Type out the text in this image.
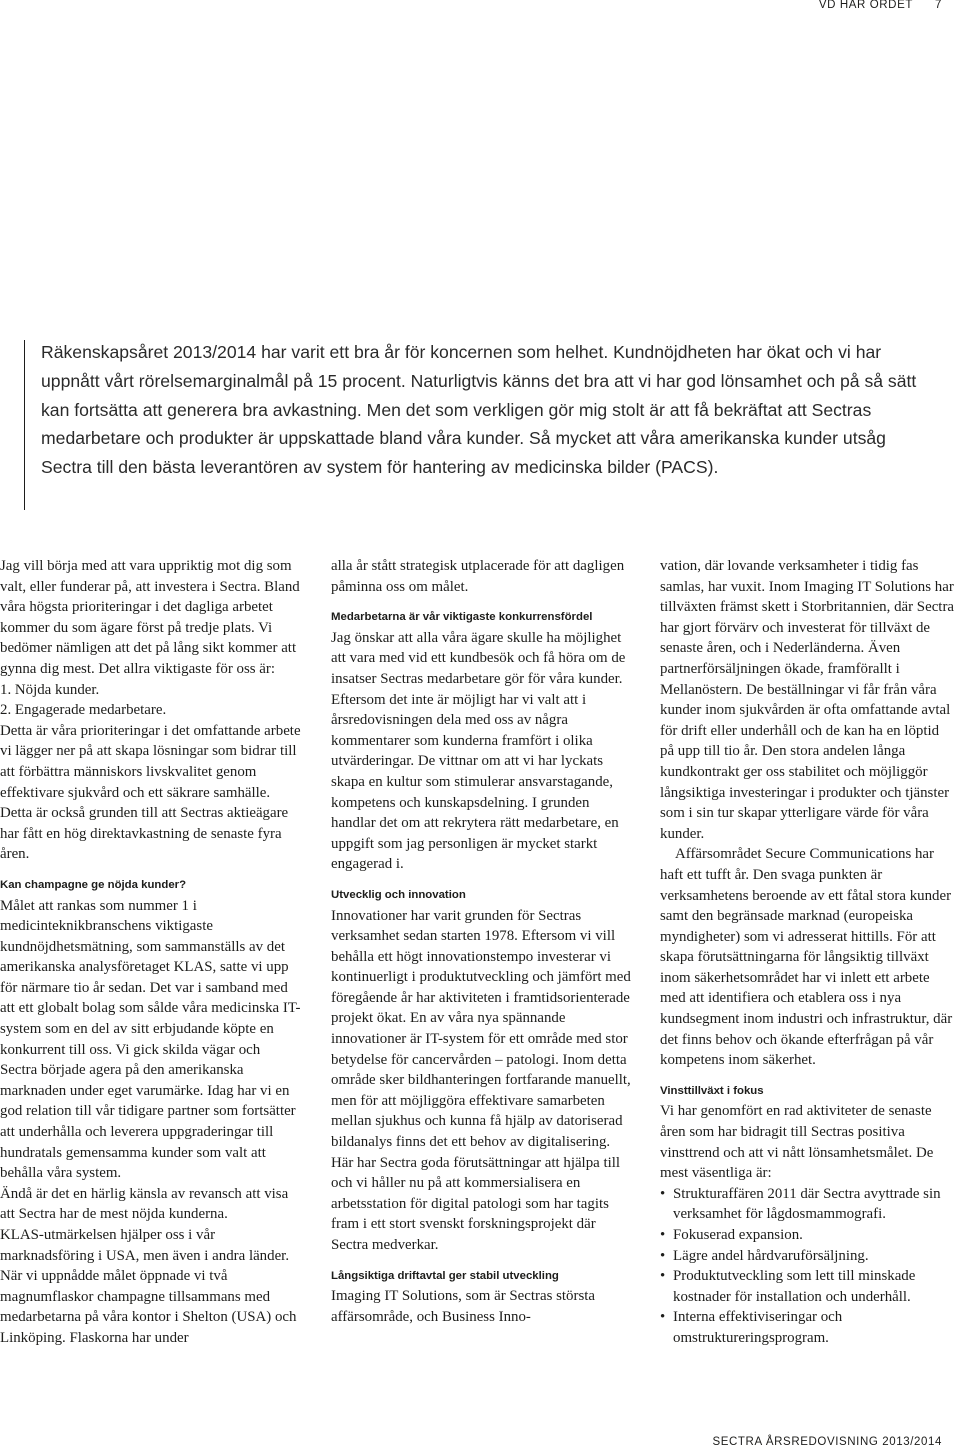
VD HAR ORDET 7

Räkenskapsåret 2013/2014 har varit ett bra år för koncernen som helhet. Kundnöjdheten har ökat och vi har uppnått vårt rörelsemarginalmål på 15 procent. Naturligtvis känns det bra att vi har god lönsamhet och på så sätt kan fortsätta att generera bra avkastning. Men det som verkligen gör mig stolt är att få bekräftat att Sectras medarbetare och produkter är uppskattade bland våra kunder. Så mycket att våra amerikanska kunder utsåg Sectra till den bästa leverantören av system för hantering av medicinska bilder (PACS).

Jag vill börja med att vara uppriktig mot dig som valt, eller funderar på, att investera i Sectra. Bland våra högsta prioriteringar i det dagliga arbetet kommer du som ägare först på tredje plats. Vi bedömer nämligen att det på lång sikt kommer att gynna dig mest. Det allra viktigaste för oss är:

1. Nöjda kunder.

2. Engagerade medarbetare.

Detta är våra prioriteringar i det omfattande arbete vi lägger ner på att skapa lösningar som bidrar till att förbättra människors livskvalitet genom effektivare sjukvård och ett säkrare samhälle. Detta är också grunden till att Sectras aktieägare har fått en hög direktavkastning de senaste fyra åren.

Kan champagne ge nöjda kunder?

Målet att rankas som nummer 1 i medicinteknikbranschens viktigaste kundnöjdhetsmätning, som sammanställs av det amerikanska analysföretaget KLAS, satte vi upp för närmare tio år sedan. Det var i samband med att ett globalt bolag som sålde våra medicinska IT-system som en del av sitt erbjudande köpte en konkurrent till oss. Vi gick skilda vägar och Sectra började agera på den amerikanska marknaden under eget varumärke. Idag har vi en god relation till vår tidigare partner som fortsätter att underhålla och leverera uppgraderingar till hundratals gemensamma kunder som valt att behålla våra system.

Ändå är det en härlig känsla av revansch att visa att Sectra har de mest nöjda kunderna.

KLAS-utmärkelsen hjälper oss i vår marknadsföring i USA, men även i andra länder.

När vi uppnådde målet öppnade vi två magnumflaskor champagne tillsammans med medarbetarna på våra kontor i Shelton (USA) och Linköping. Flaskorna har under

alla år stått strategisk utplacerade för att dagligen påminna oss om målet.

Medarbetarna är vår viktigaste konkurrensfördel

Jag önskar att alla våra ägare skulle ha möjlighet att vara med vid ett kundbesök och få höra om de insatser Sectras medarbetare gör för våra kunder. Eftersom det inte är möjligt har vi valt att i årsredovisningen dela med oss av några kommentarer som kunderna framfört i olika utvärderingar. De vittnar om att vi har lyckats skapa en kultur som stimulerar ansvarstagande, kompetens och kunskapsdelning. I grunden handlar det om att rekrytera rätt medarbetare, en uppgift som jag personligen är mycket starkt engagerad i.

Utvecklig och innovation

Innovationer har varit grunden för Sectras verksamhet sedan starten 1978. Eftersom vi vill behålla ett högt innovationstempo investerar vi kontinuerligt i produktutveckling och jämfört med föregående år har aktiviteten i framtidsorienterade projekt ökat. En av våra nya spännande innovationer är IT-system för ett område med stor betydelse för cancervården – patologi. Inom detta område sker bildhanteringen fortfarande manuellt, men för att möjliggöra effektivare samarbeten mellan sjukhus och kunna få hjälp av datoriserad bildanalys finns det ett behov av digitalisering. Här har Sectra goda förutsättningar att hjälpa till och vi håller nu på att kommersialisera en arbetsstation för digital patologi som har tagits fram i ett stort svenskt forskningsprojekt där Sectra medverkar.

Långsiktiga driftavtal ger stabil utveckling

Imaging IT Solutions, som är Sectras största affärsområde, och Business Inno-

vation, där lovande verksamheter i tidig fas samlas, har vuxit. Inom Imaging IT Solutions har tillväxten främst skett i Storbritannien, där Sectra har gjort förvärv och investerat för tillväxt de senaste åren, och i Nederländerna. Även partnerförsäljningen ökade, framförallt i Mellanöstern. De beställningar vi får från våra kunder inom sjukvården är ofta omfattande avtal för drift eller underhåll och de kan ha en löptid på upp till tio år. Den stora andelen långa kundkontrakt ger oss stabilitet och möjliggör långsiktiga investeringar i produkter och tjänster som i sin tur skapar ytterligare värde för våra kunder.

Affärsområdet Secure Communications har haft ett tufft år. Den svaga punkten är verksamhetens beroende av ett fåtal stora kunder samt den begränsade marknad (europeiska myndigheter) som vi adresserat hittills. För att skapa förutsättningarna för långsiktig tillväxt inom säkerhetsområdet har vi inlett ett arbete med att identifiera och etablera oss i nya kundsegment inom industri och infrastruktur, där det finns behov och ökande efterfrågan på vår kompetens inom säkerhet.

Vinsttillväxt i fokus

Vi har genomfört en rad aktiviteter de senaste åren som har bidragit till Sectras positiva vinsttrend och att vi nått lönsamhetsmålet. De mest väsentliga är:

• Strukturaffären 2011 där Sectra avyttrade sin verksamhet för lågdosmammografi.
• Fokuserad expansion.
• Lägre andel hårdvaruförsäljning.
• Produktutveckling som lett till minskade kostnader för installation och underhåll.
• Interna effektiviseringar och omstruktureringsprogram.
SECTRA ÅRSREDOVISNING 2013/2014
